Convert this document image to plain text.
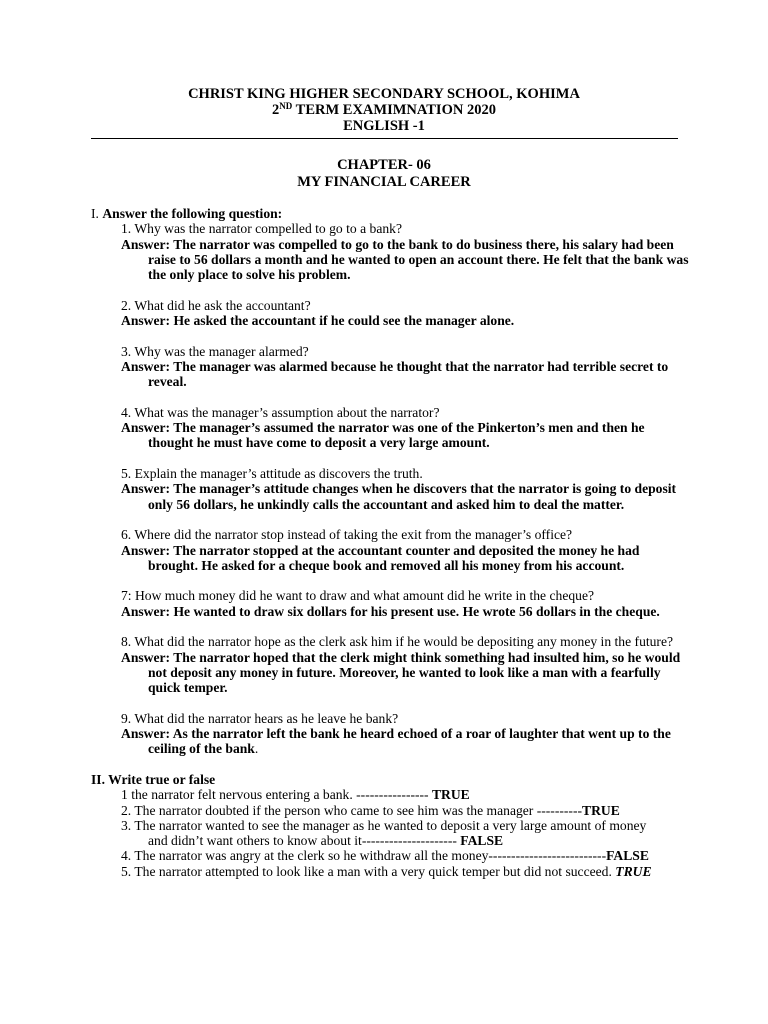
CHRIST KING HIGHER SECONDARY SCHOOL, KOHIMA
2ND TERM EXAMIMNATION 2020
ENGLISH -1
CHAPTER- 06
MY FINANCIAL CAREER

I. Answer the following question:

1. Why was the narrator compelled to go to a bank?

Answer: The narrator was compelled to go to the bank to do business there, his salary had been raise to 56 dollars a month and he wanted to open an account there. He felt that the bank was the only place to solve his problem.

2. What did he ask the accountant?

Answer: He asked the accountant if he could see the manager alone.

3. Why was the manager alarmed?

Answer: The manager was alarmed because he thought that the narrator had terrible secret to reveal.

4. What was the manager’s assumption about the narrator?

Answer: The manager’s assumed the narrator was one of the Pinkerton’s men and then he thought he must have come to deposit a very large amount.

5. Explain the manager’s attitude as discovers the truth.

Answer: The manager’s attitude changes when he discovers that the narrator is going to deposit only 56 dollars, he unkindly calls the accountant and asked him to deal the matter.

6. Where did the narrator stop instead of taking the exit from the manager’s office?

Answer: The narrator stopped at the accountant counter and deposited the money he had brought. He asked for a cheque book and removed all his money from his account.

7: How much money did he want to draw and what amount did he write in the cheque?

Answer: He wanted to draw six dollars for his present use. He wrote 56 dollars in the cheque.

8. What did the narrator hope as the clerk ask him if he would be depositing any money in the future?

Answer: The narrator hoped that the clerk might think something had insulted him, so he would not deposit any money in future. Moreover, he wanted to look like a man with a fearfully quick temper.

9. What did the narrator hears as he leave he bank?

Answer: As the narrator left the bank he heard echoed of a roar of laughter that went up to the ceiling of the bank.

II. Write true or false

1 the narrator felt nervous entering a bank. ---------------- TRUE

2. The narrator doubted if the person who came to see him was the manager ----------TRUE

3. The narrator wanted to see the manager as he wanted to deposit a very large amount of money
and didn’t want others to know about it--------------------- FALSE

4. The narrator was angry at the clerk so he withdraw all the money--------------------------FALSE

5. The narrator attempted to look like a man with a very quick temper but did not succeed. TRUE
